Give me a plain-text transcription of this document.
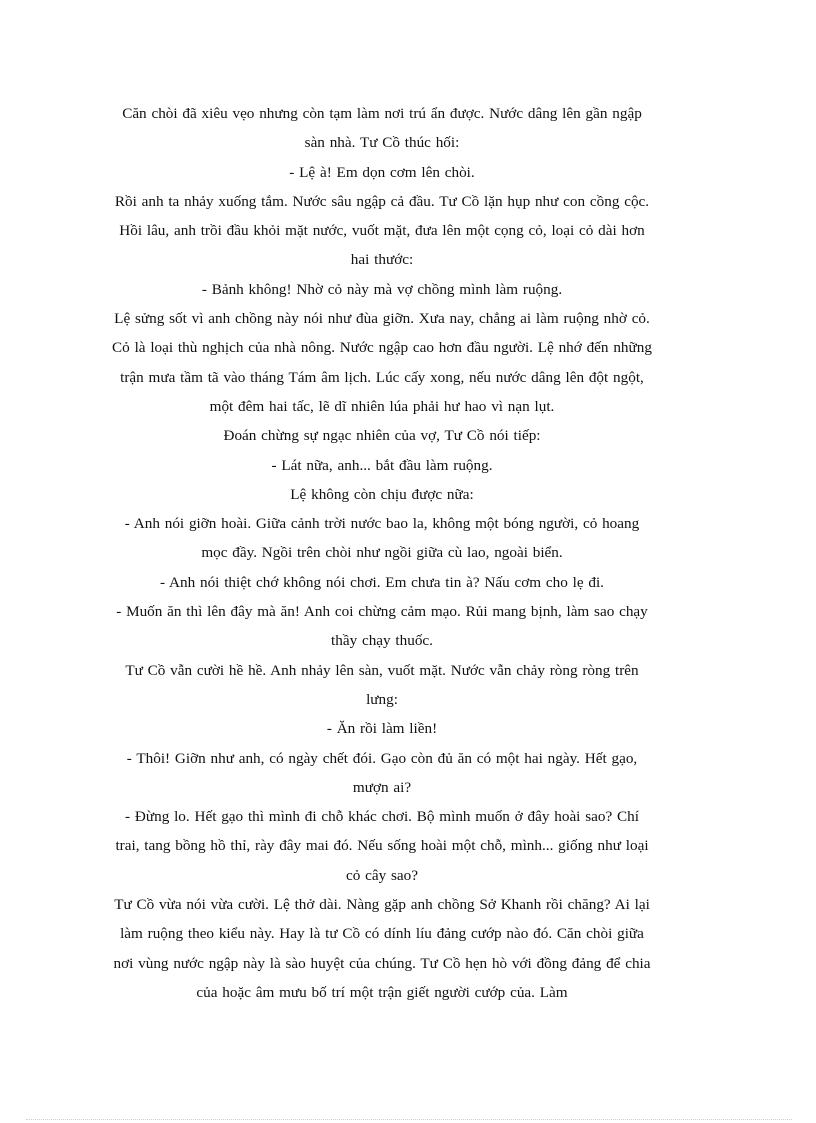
Căn chòi đã xiêu vẹo nhưng còn tạm làm nơi trú ẩn được. Nước dâng lên gần ngập sàn nhà. Tư Cồ thúc hối:

- Lệ à! Em dọn cơm lên chòi.

Rồi anh ta nhảy xuống tắm. Nước sâu ngập cả đầu. Tư Cồ lặn hụp như con cồng cộc. Hồi lâu, anh trồi đầu khỏi mặt nước, vuốt mặt, đưa lên một cọng cỏ, loại cỏ dài hơn hai thước:

- Bảnh không! Nhờ cỏ này mà vợ chồng mình làm ruộng.

Lệ sửng sốt vì anh chồng này nói như đùa giỡn. Xưa nay, chẳng ai làm ruộng nhờ cỏ. Cỏ là loại thù nghịch của nhà nông. Nước ngập cao hơn đầu người. Lệ nhớ đến những trận mưa tầm tã vào tháng Tám âm lịch. Lúc cấy xong, nếu nước dâng lên đột ngột, một đêm hai tấc, lẽ dĩ nhiên lúa phải hư hao vì nạn lụt.

Đoán chừng sự ngạc nhiên của vợ, Tư Cồ nói tiếp:

- Lát nữa, anh... bắt đầu làm ruộng.

Lệ không còn chịu được nữa:

- Anh nói giỡn hoài. Giữa cảnh trời nước bao la, không một bóng người, cỏ hoang mọc đầy. Ngồi trên chòi như ngồi giữa cù lao, ngoài biển.

- Anh nói thiệt chớ không nói chơi. Em chưa tin à? Nấu cơm cho lẹ đi.

- Muốn ăn thì lên đây mà ăn! Anh coi chừng cảm mạo. Rủi mang bịnh, làm sao chạy thầy chạy thuốc.

Tư Cồ vẫn cười hề hề. Anh nhảy lên sàn, vuốt mặt. Nước vẫn chảy ròng ròng trên lưng:

- Ăn rồi làm liền!

- Thôi! Giỡn như anh, có ngày chết đói. Gạo còn đủ ăn có một hai ngày. Hết gạo, mượn ai?

- Đừng lo. Hết gạo thì mình đi chỗ khác chơi. Bộ mình muốn ở đây hoài sao? Chí trai, tang bồng hồ thỉ, rày đây mai đó. Nếu sống hoài một chỗ, mình... giống như loại cỏ cây sao?

Tư Cồ vừa nói vừa cười. Lệ thở dài. Nàng gặp anh chồng Sở Khanh rồi chăng? Ai lại làm ruộng theo kiểu này. Hay là tư Cồ có dính líu đảng cướp nào đó. Căn chòi giữa nơi vùng nước ngập này là sào huyệt của chúng. Tư Cồ hẹn hò với đồng đảng để chia của hoặc âm mưu bố trí một trận giết người cướp của. Làm
